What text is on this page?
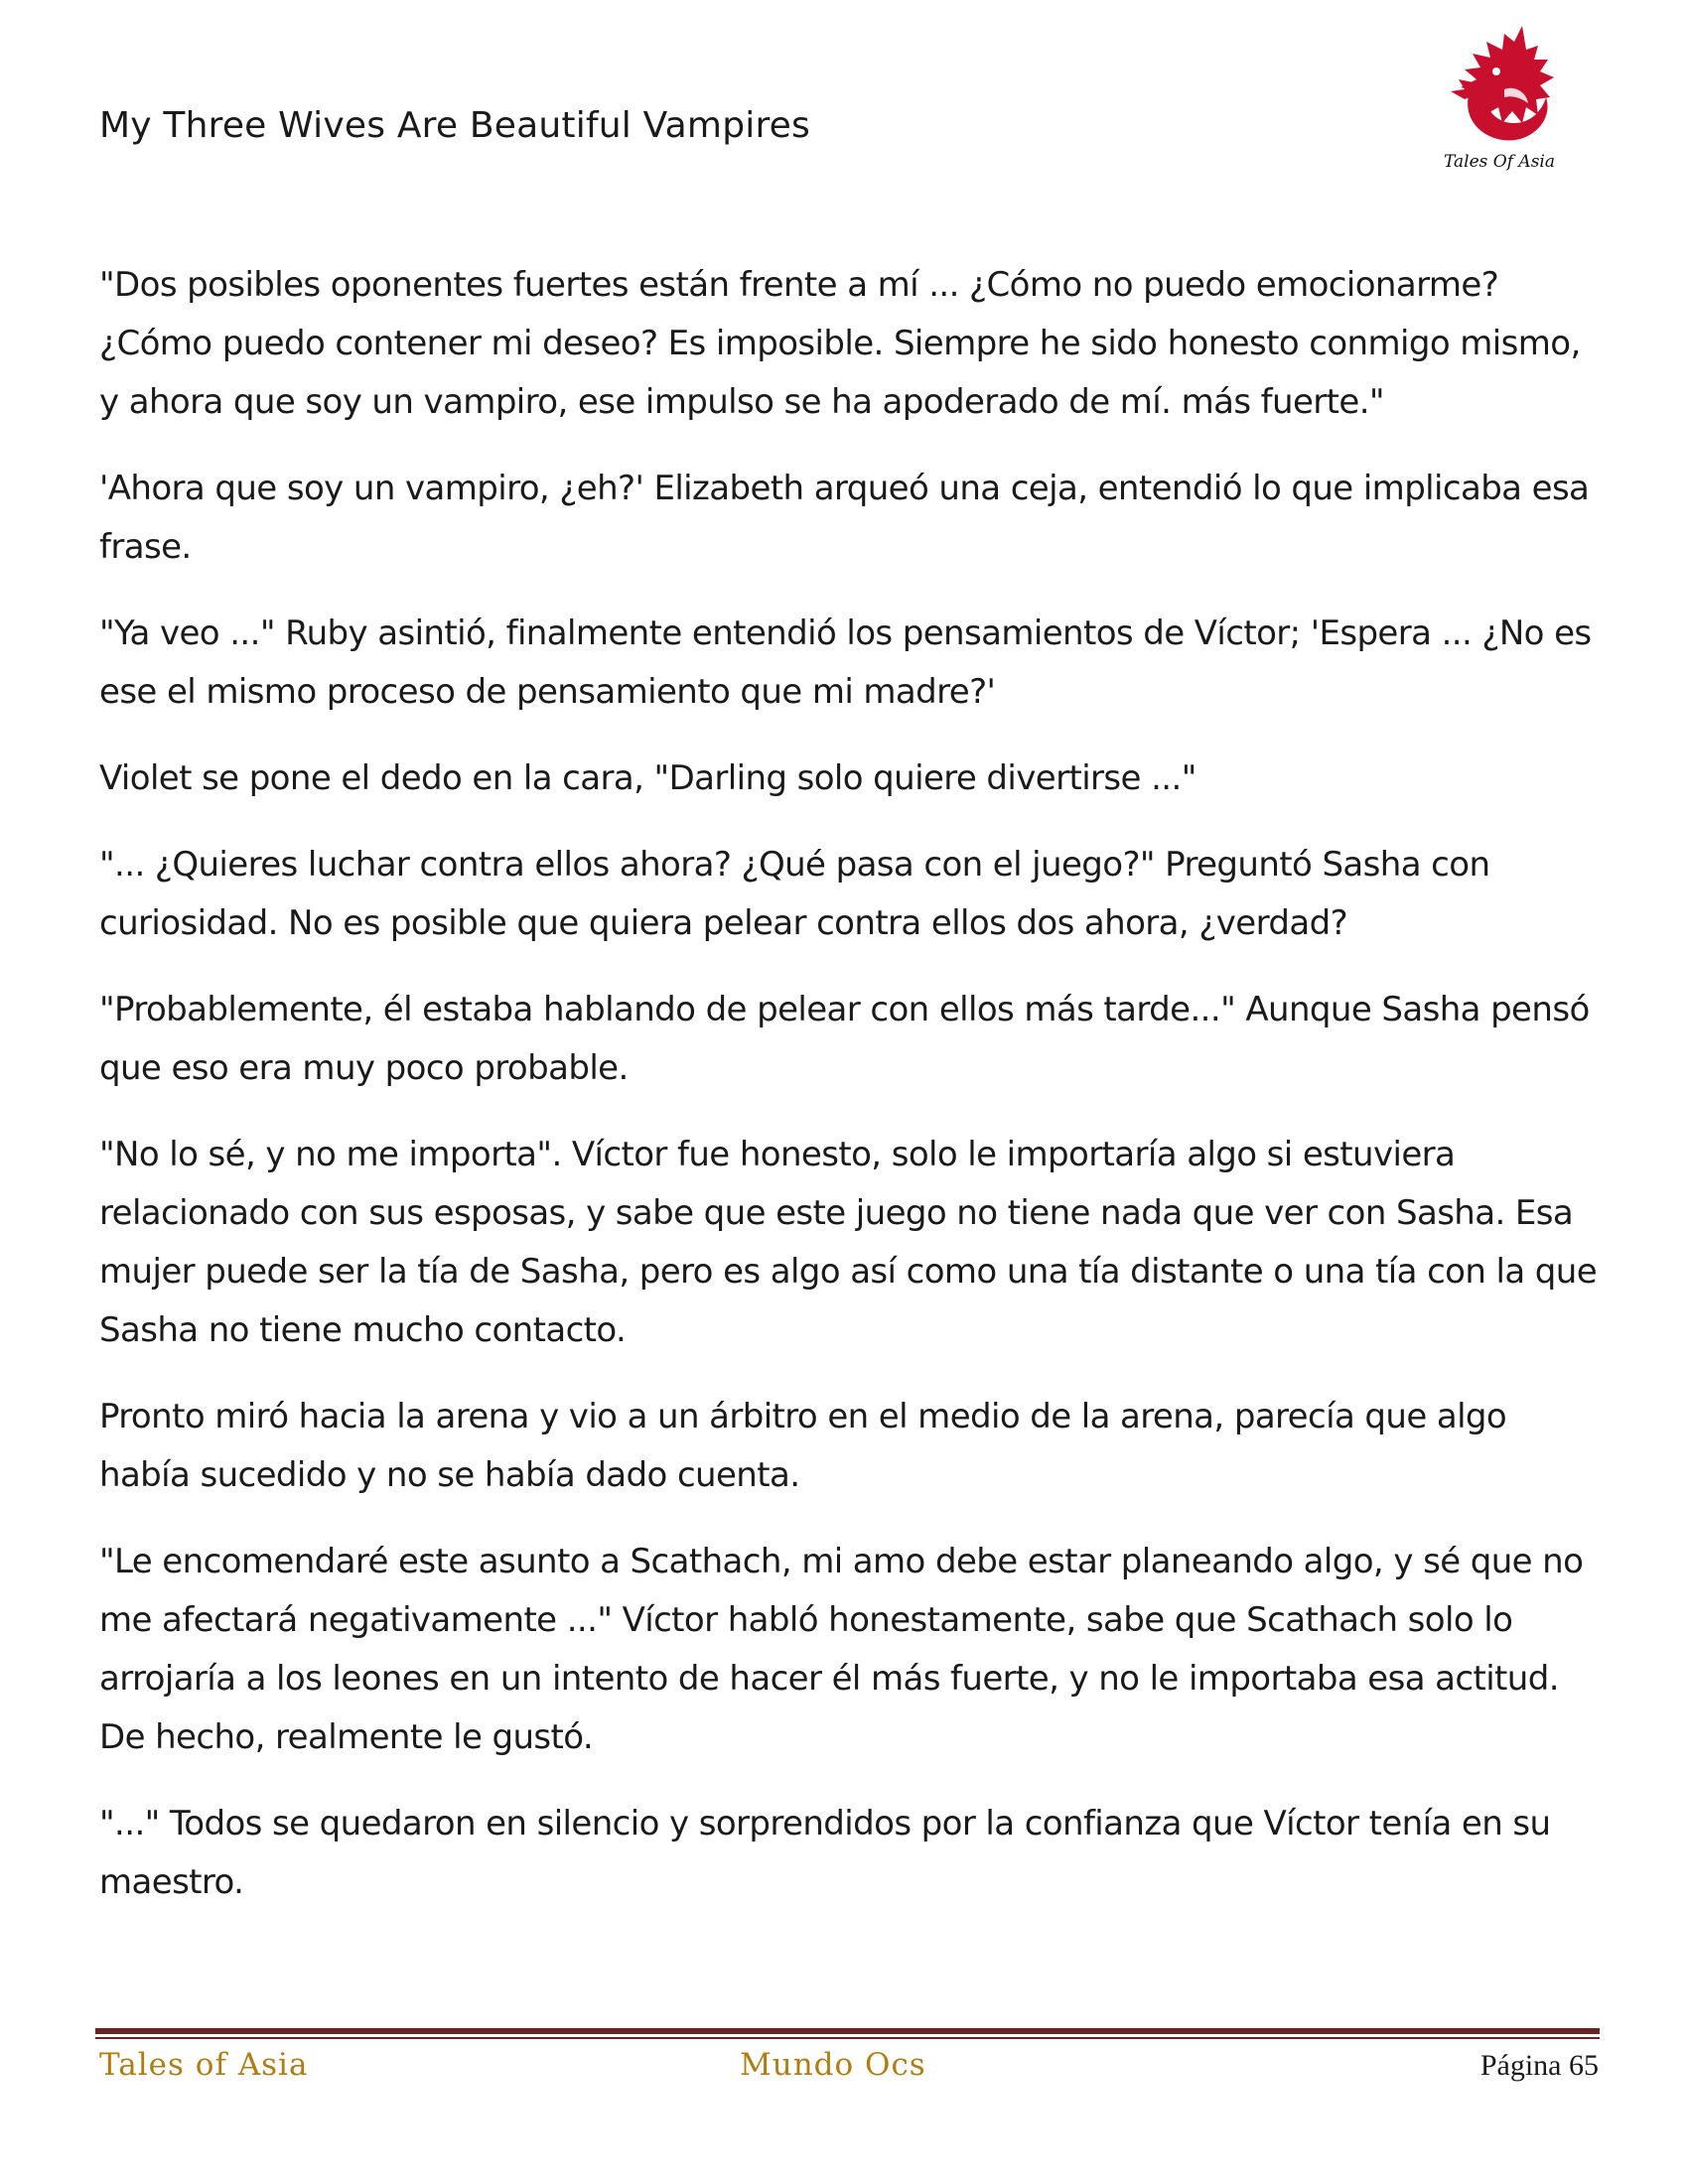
My Three Wives Are Beautiful Vampires
Tales Of Asia

"Dos posibles oponentes fuertes están frente a mí ... ¿Cómo no puedo emocionarme? ¿Cómo puedo contener mi deseo? Es imposible. Siempre he sido honesto conmigo mismo, y ahora que soy un vampiro, ese impulso se ha apoderado de mí. más fuerte."

'Ahora que soy un vampiro, ¿eh?' Elizabeth arqueó una ceja, entendió lo que implicaba esa frase.

"Ya veo ..." Ruby asintió, finalmente entendió los pensamientos de Víctor; 'Espera ... ¿No es ese el mismo proceso de pensamiento que mi madre?'

Violet se pone el dedo en la cara, "Darling solo quiere divertirse ..."

"... ¿Quieres luchar contra ellos ahora? ¿Qué pasa con el juego?" Preguntó Sasha con curiosidad. No es posible que quiera pelear contra ellos dos ahora, ¿verdad?

"Probablemente, él estaba hablando de pelear con ellos más tarde..." Aunque Sasha pensó que eso era muy poco probable.

"No lo sé, y no me importa". Víctor fue honesto, solo le importaría algo si estuviera relacionado con sus esposas, y sabe que este juego no tiene nada que ver con Sasha. Esa mujer puede ser la tía de Sasha, pero es algo así como una tía distante o una tía con la que Sasha no tiene mucho contacto.

Pronto miró hacia la arena y vio a un árbitro en el medio de la arena, parecía que algo había sucedido y no se había dado cuenta.

"Le encomendaré este asunto a Scathach, mi amo debe estar planeando algo, y sé que no me afectará negativamente ..." Víctor habló honestamente, sabe que Scathach solo lo arrojaría a los leones en un intento de hacer él más fuerte, y no le importaba esa actitud. De hecho, realmente le gustó.

"..." Todos se quedaron en silencio y sorprendidos por la confianza que Víctor tenía en su maestro.

Tales of Asia	Mundo Ocs	Página 65
